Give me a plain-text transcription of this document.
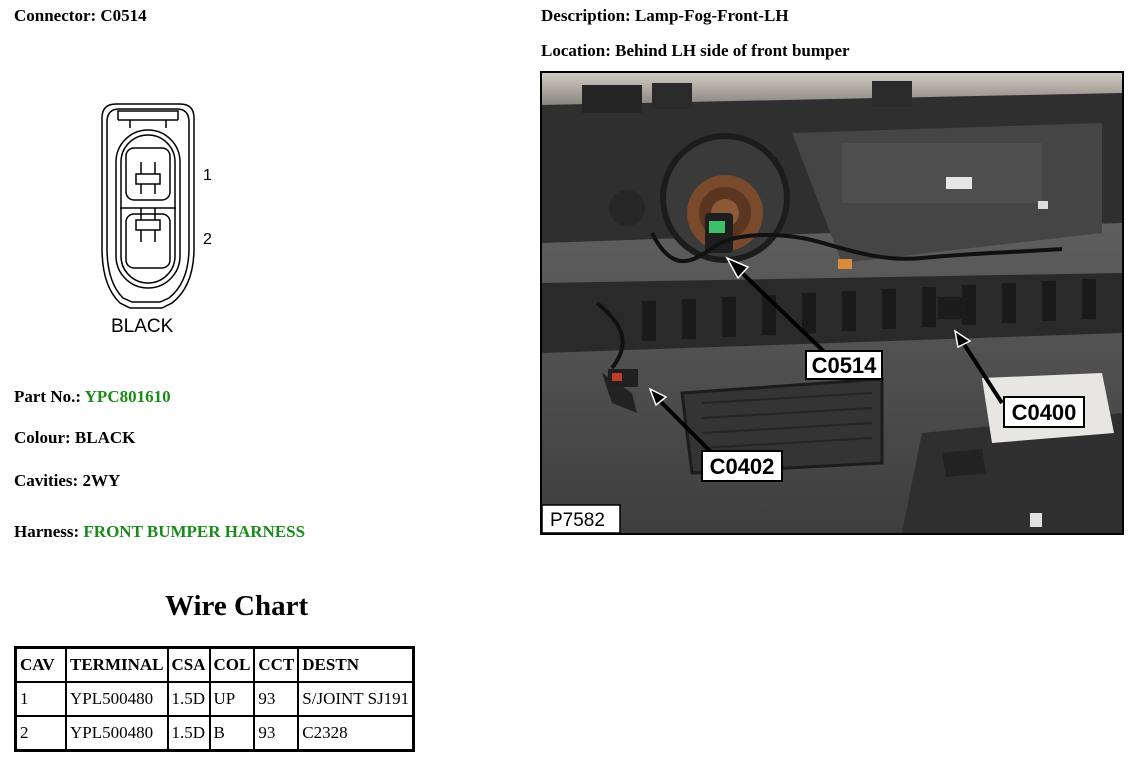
Connector: C0514	Description: Lamp-Fog-Front-LH
Location: Behind LH side of front bumper
1
2
BLACK
Part No.: YPC801610
Colour: BLACK
Cavities: 2WY
Harness: FRONT BUMPER HARNESS
C0514
C0400
C0402
P7582
Wire Chart
CAV	TERMINAL	CSA	COL	CCT	DESTN
1	YPL500480	1.5D	UP	93	S/JOINT SJ191
2	YPL500480	1.5D	B	93	C2328
